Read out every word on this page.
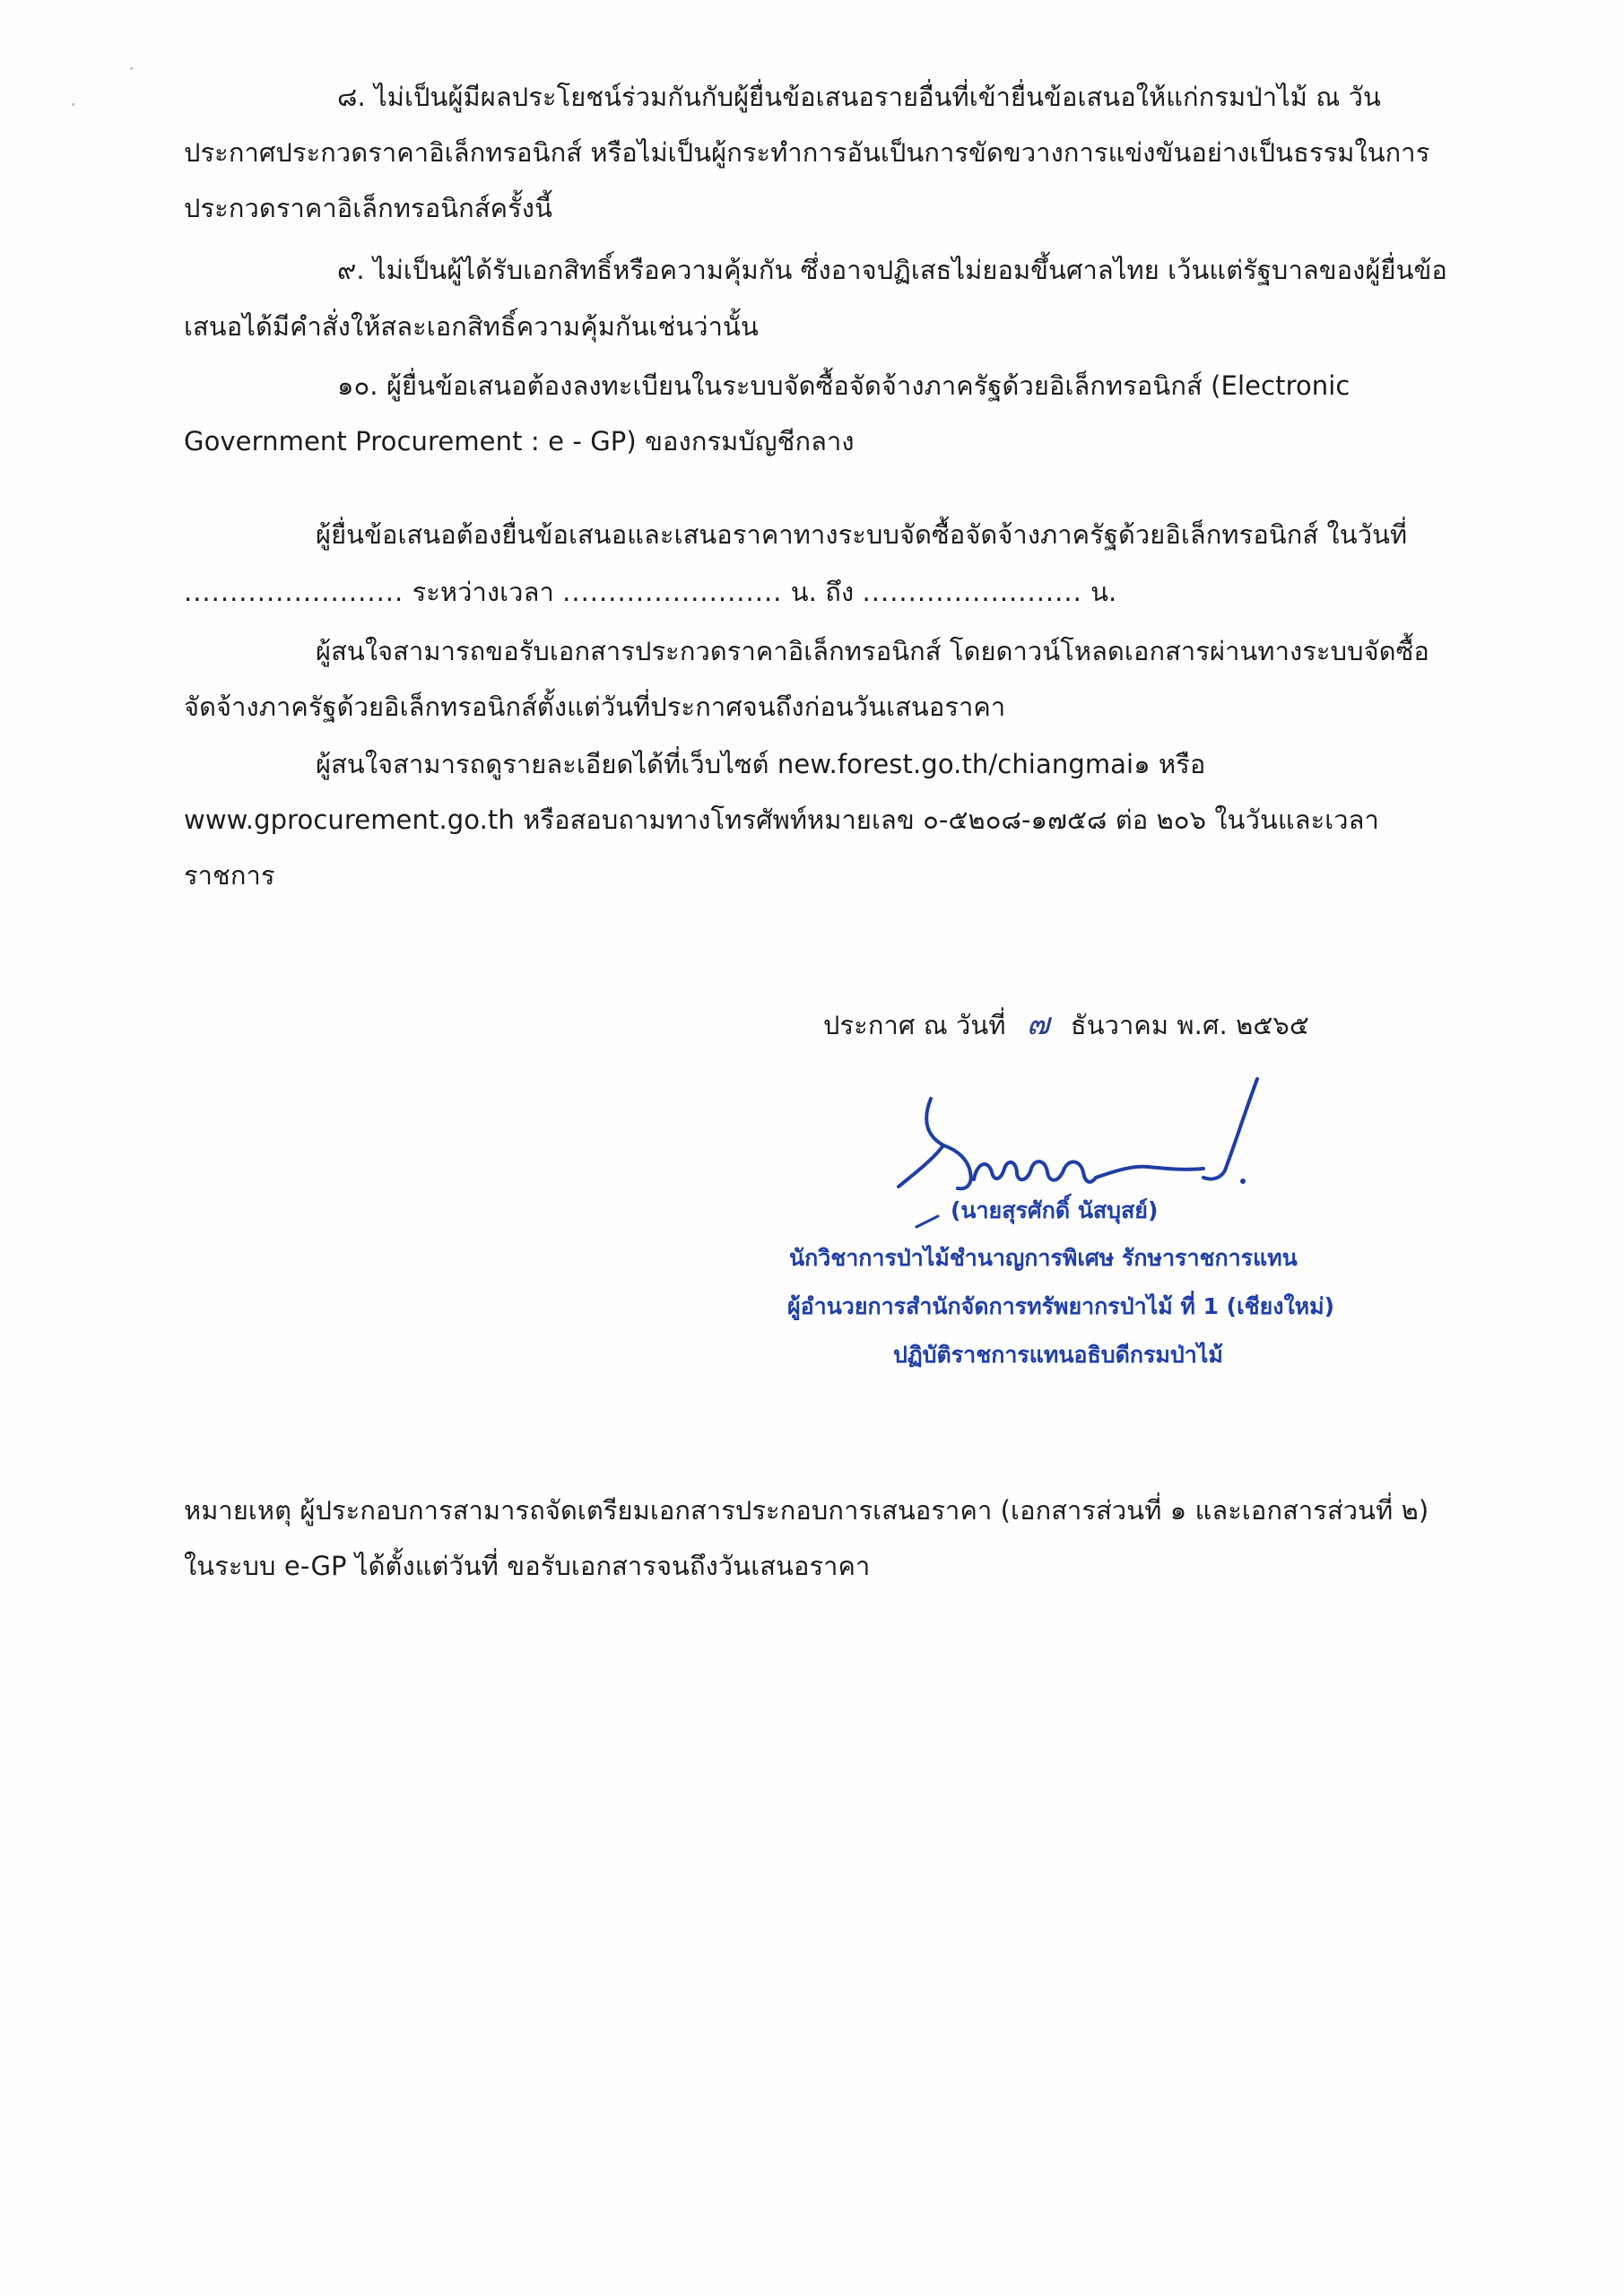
๘. ไม่เป็นผู้มีผลประโยชน์ร่วมกันกับผู้ยื่นข้อเสนอรายอื่นที่เข้ายื่นข้อเสนอให้แก่กรมป่าไม้ ณ วัน
ประกาศประกวดราคาอิเล็กทรอนิกส์ หรือไม่เป็นผู้กระทำการอันเป็นการขัดขวางการแข่งขันอย่างเป็นธรรมในการ
ประกวดราคาอิเล็กทรอนิกส์ครั้งนี้
๙. ไม่เป็นผู้ได้รับเอกสิทธิ์หรือความคุ้มกัน ซึ่งอาจปฏิเสธไม่ยอมขึ้นศาลไทย เว้นแต่รัฐบาลของผู้ยื่นข้อ
เสนอได้มีคำสั่งให้สละเอกสิทธิ์ความคุ้มกันเช่นว่านั้น
๑๐. ผู้ยื่นข้อเสนอต้องลงทะเบียนในระบบจัดซื้อจัดจ้างภาครัฐด้วยอิเล็กทรอนิกส์ (Electronic
Government Procurement : e - GP) ของกรมบัญชีกลาง
ผู้ยื่นข้อเสนอต้องยื่นข้อเสนอและเสนอราคาทางระบบจัดซื้อจัดจ้างภาครัฐด้วยอิเล็กทรอนิกส์ ในวันที่
........................ ระหว่างเวลา ........................ น. ถึง ........................ น.
ผู้สนใจสามารถขอรับเอกสารประกวดราคาอิเล็กทรอนิกส์ โดยดาวน์โหลดเอกสารผ่านทางระบบจัดซื้อ
จัดจ้างภาครัฐด้วยอิเล็กทรอนิกส์ตั้งแต่วันที่ประกาศจนถึงก่อนวันเสนอราคา
ผู้สนใจสามารถดูรายละเอียดได้ที่เว็บไซต์ new.forest.go.th/chiangmai๑ หรือ
www.gprocurement.go.th หรือสอบถามทางโทรศัพท์หมายเลข ๐-๕๒๐๘-๑๗๕๘ ต่อ ๒๐๖ ในวันและเวลา
ราชการ
ประกาศ ณ วันที่ ๗ ธันวาคม พ.ศ. ๒๕๖๕
(นายสุรศักดิ์ นัสบุสย์)
นักวิชาการป่าไม้ชำนาญการพิเศษ รักษาราชการแทน
ผู้อำนวยการสำนักจัดการทรัพยากรป่าไม้ ที่ 1 (เชียงใหม่)
ปฏิบัติราชการแทนอธิบดีกรมป่าไม้
หมายเหตุ ผู้ประกอบการสามารถจัดเตรียมเอกสารประกอบการเสนอราคา (เอกสารส่วนที่ ๑ และเอกสารส่วนที่ ๒)
ในระบบ e-GP ได้ตั้งแต่วันที่ ขอรับเอกสารจนถึงวันเสนอราคา
